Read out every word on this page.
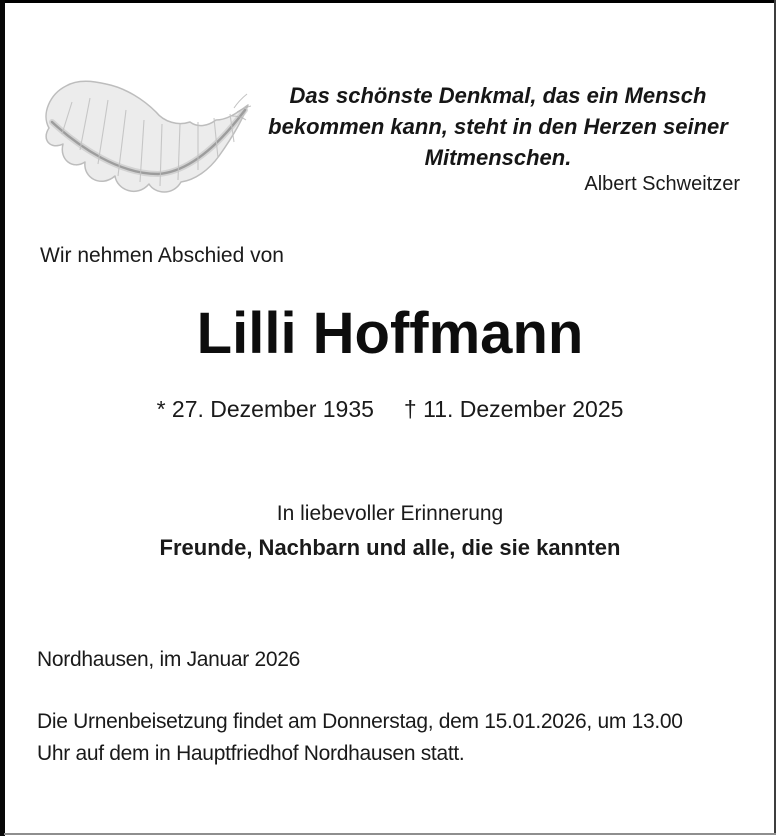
Das schönste Denkmal, das ein Mensch
bekommen kann, steht in den Herzen seiner
Mitmenschen.
Albert Schweitzer
Wir nehmen Abschied von
Lilli Hoffmann
* 27. Dezember 1935 † 11. Dezember 2025
In liebevoller Erinnerung
Freunde, Nachbarn und alle, die sie kannten
Nordhausen, im Januar 2026
Die Urnenbeisetzung findet am Donnerstag, dem 15.01.2026, um 13.00
Uhr auf dem in Hauptfriedhof Nordhausen statt.
